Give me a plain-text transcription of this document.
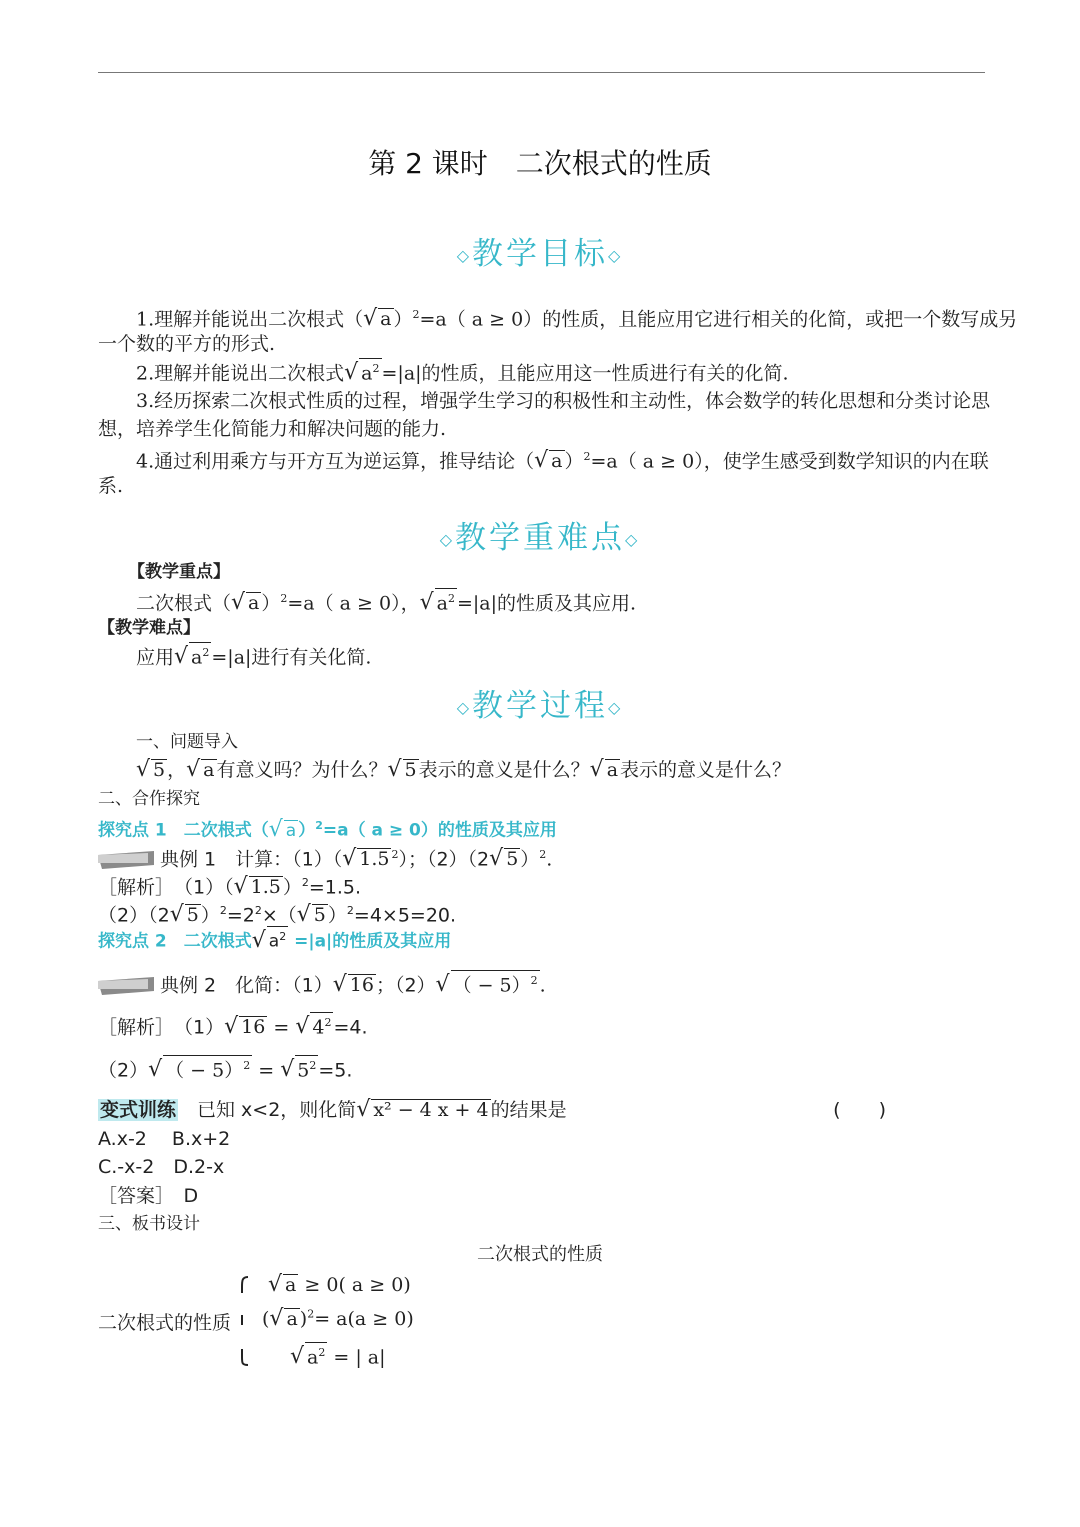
第 2 课时　二次根式的性质
◇教学目标◇
1.理解并能说出二次根式（√ a ）$^2$=a（ a ≥ 0）的性质，且能应用它进行相关的化简，或把一个数写成另
一个数的平方的形式.
2.理解并能说出二次根式√ $a^2 =|a|$的性质，且能应用这一性质进行有关的化简.
3.经历探索二次根式性质的过程，增强学生学习的积极性和主动性，体会数学的转化思想和分类讨论思
想，培养学生化简能力和解决问题的能力.
4.通过利用乘方与开方互为逆运算，推导结论（√ a ）$^2$=a（ a ≥ 0），使学生感受到数学知识的内在联
系.
◇教学重难点◇
【教学重点】
二次根式（√ a ）$^2$=a（ a ≥ 0），√ $a^2 =|a|$的性质及其应用.
【教学难点】
应用√ $a^2 =|a|$进行有关化简.
◇教学过程◇
一、问题导入
√ 5 ，√ a 有意义吗？为什么？√ 5 表示的意义是什么？√ a 表示的意义是什么？
二、合作探究
探究点 1　二次根式（√ a ）$^2$=a（ a ≥ 0）的性质及其应用
典例 1　计算：（1）（√ 1.5 $^2$）；（2）（2√ 5 ）$^2$.
［解析］　（1）（√ 1.5 ）$^2$=1.5.
（2）（2√ 5 ）$^2=2^2\times(√$ 5 ）$^2$=4×5=20.
探究点 2　二次根式√ $a^2 =|a|$的性质及其应用
典例 2　化简：（1）√ 16 ；（2）√ （ − 5）$^2$ .
［解析］　（1）√ 16 = √ $4^2 =4$.
（2）√ （ − 5）$^2$ = √ $5^2 =5$.
变式训练　已知 x<2，则化简√ x² − 4 x + 4 的结果是	(　　)
A.x-2　 B.x+2
C.-x-2　D.2-x
［答案］　D
三、板书设计
二次根式的性质
二次根式的性质
√ a ≥ 0( a ≥ 0)
(√ a )$^2$= a(a ≥ 0)
√ $a^2$ = | a|
